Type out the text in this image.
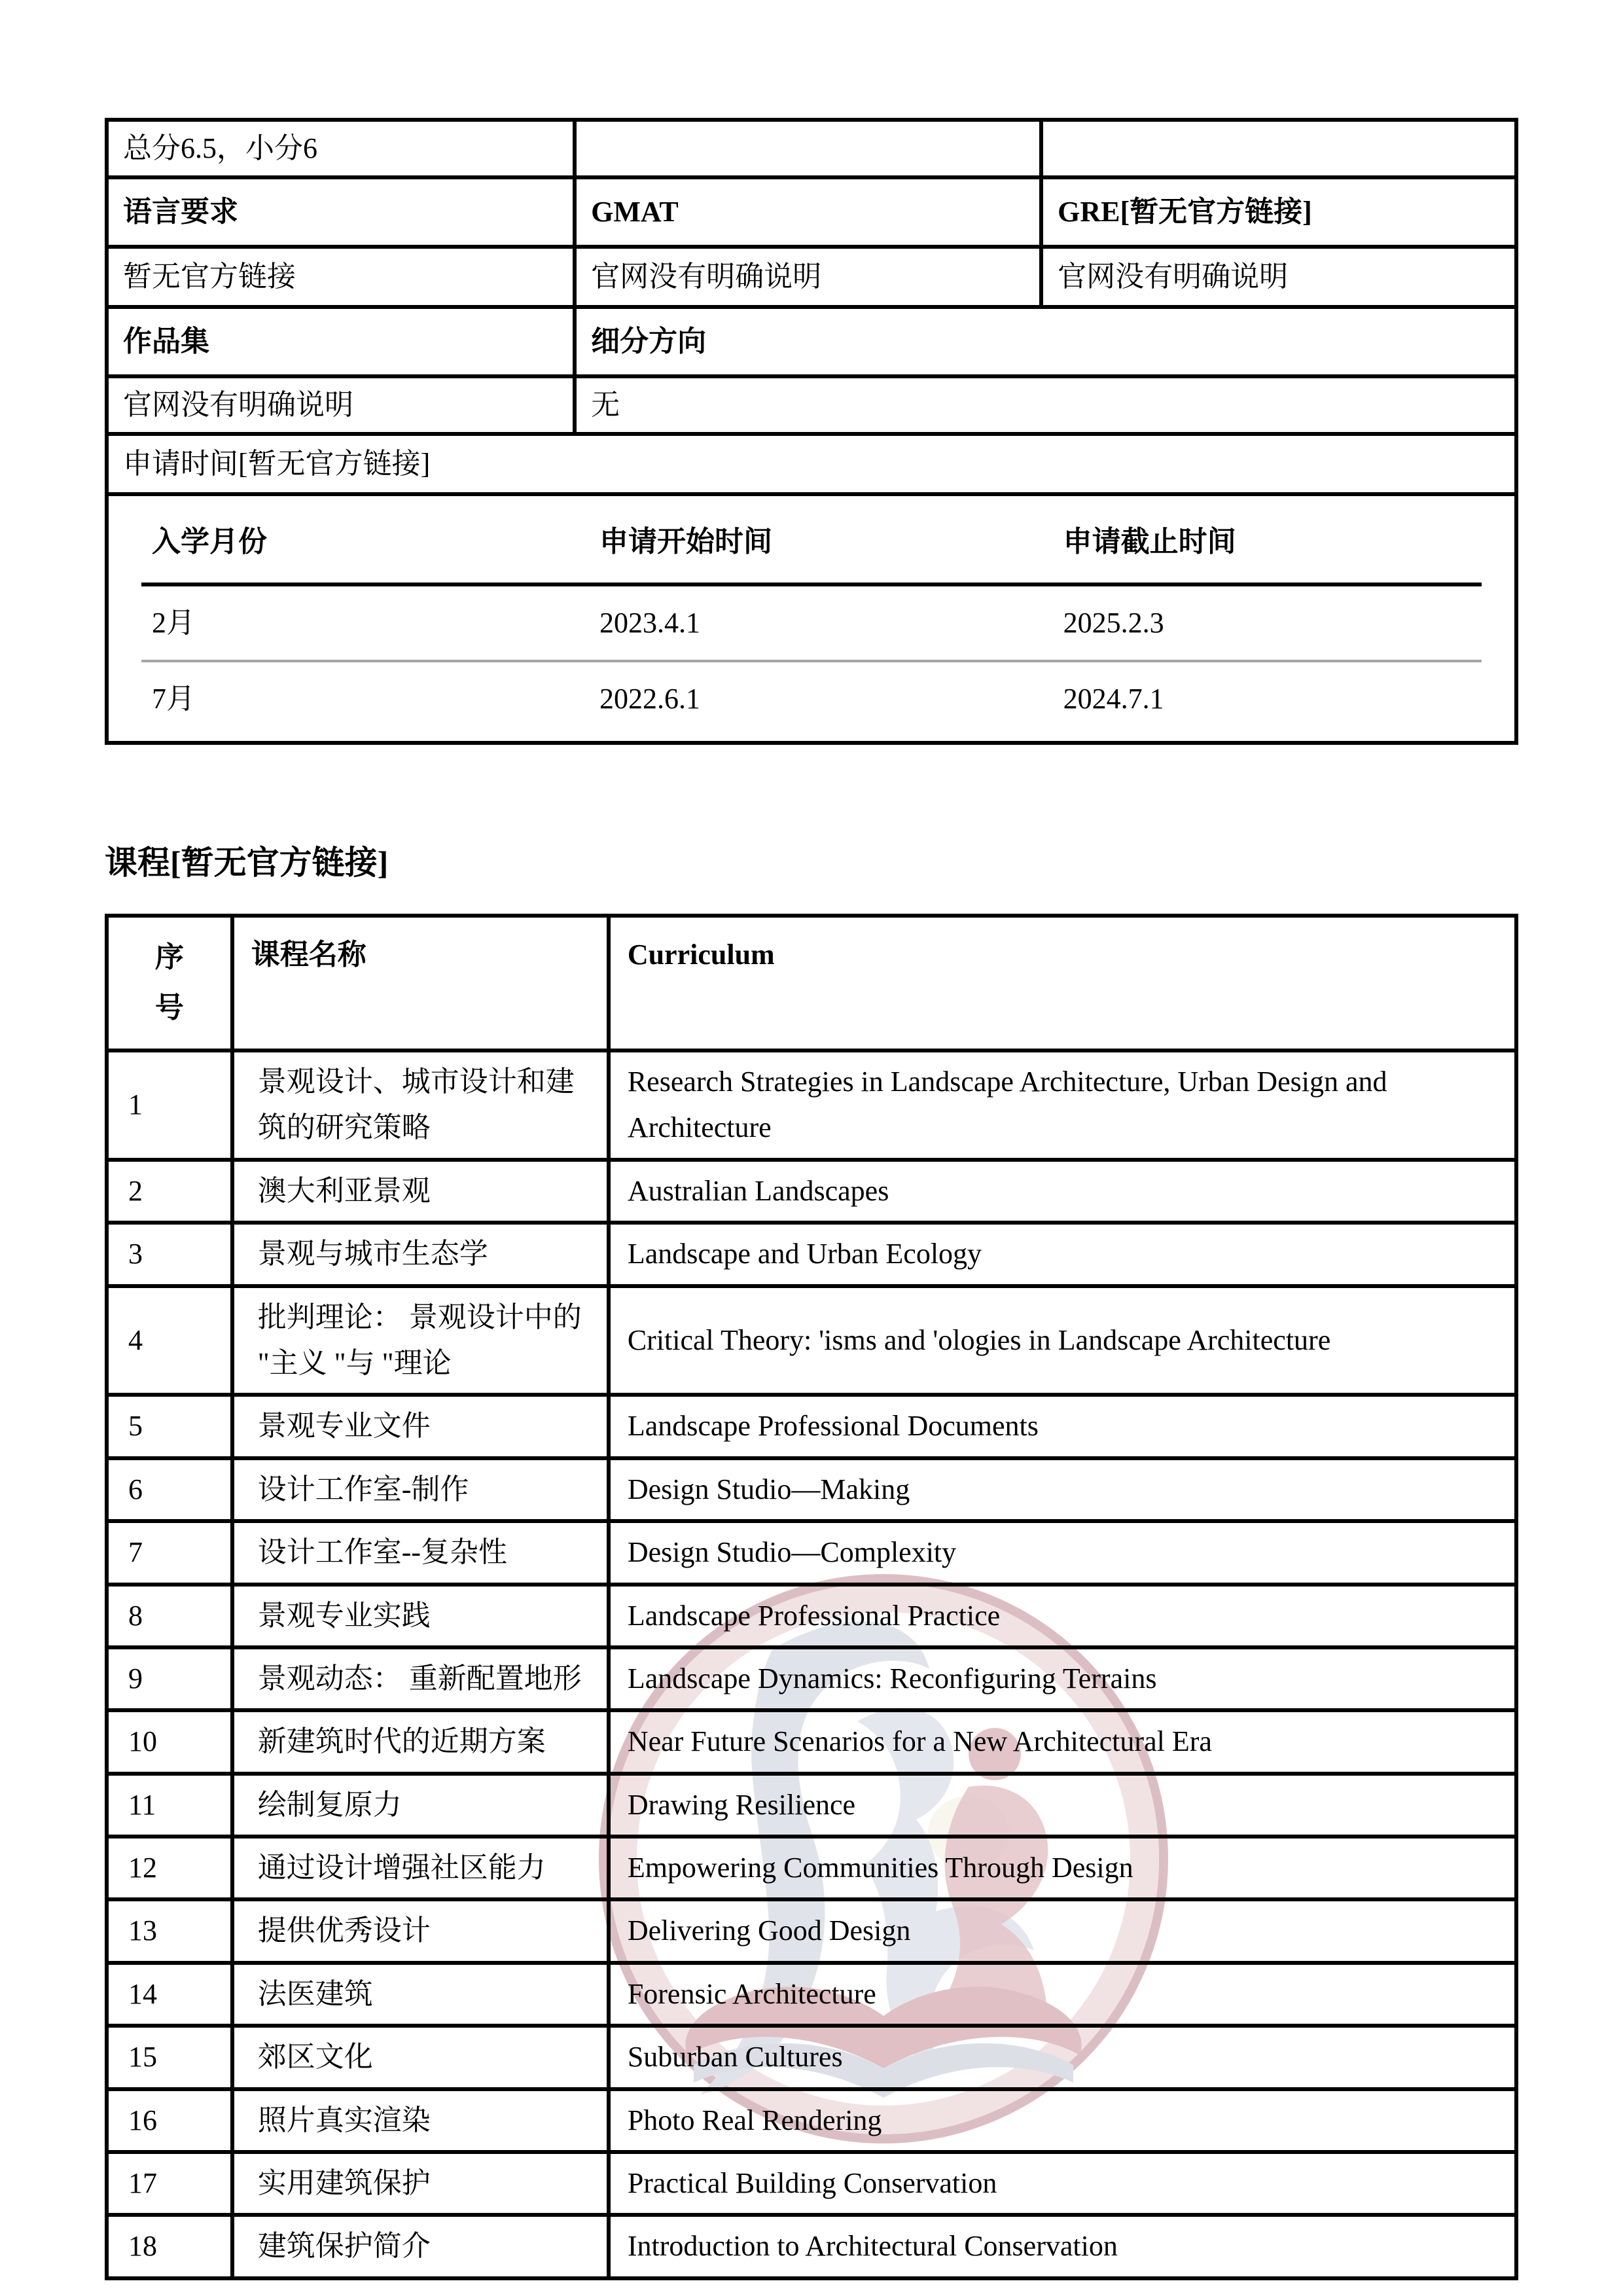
总分6.5，小分6		
语言要求	GMAT	GRE[暂无官方链接]
暂无官方链接	官网没有明确说明	官网没有明确说明
作品集	细分方向
官网没有明确说明	无
申请时间[暂无官方链接]

入学月份	申请开始时间	申请截止时间
2月	2023.4.1	2025.2.3
7月	2022.6.1	2024.7.1
课程[暂无官方链接]
序号	课程名称	Curriculum
1	景观设计、城市设计和建筑的研究策略	Research Strategies in Landscape Architecture, Urban Design and Architecture
2	澳大利亚景观	Australian Landscapes
3	景观与城市生态学	Landscape and Urban Ecology
4	批判理论： 景观设计中的 "主义 "与 "理论	Critical Theory: 'isms and 'ologies in Landscape Architecture
5	景观专业文件	Landscape Professional Documents
6	设计工作室-制作	Design Studio—Making
7	设计工作室--复杂性	Design Studio—Complexity
8	景观专业实践	Landscape Professional Practice
9	景观动态： 重新配置地形	Landscape Dynamics: Reconfiguring Terrains
10	新建筑时代的近期方案	Near Future Scenarios for a New Architectural Era
11	绘制复原力	Drawing Resilience
12	通过设计增强社区能力	Empowering Communities Through Design
13	提供优秀设计	Delivering Good Design
14	法医建筑	Forensic Architecture
15	郊区文化	Suburban Cultures
16	照片真实渲染	Photo Real Rendering
17	实用建筑保护	Practical Building Conservation
18	建筑保护简介	Introduction to Architectural Conservation
